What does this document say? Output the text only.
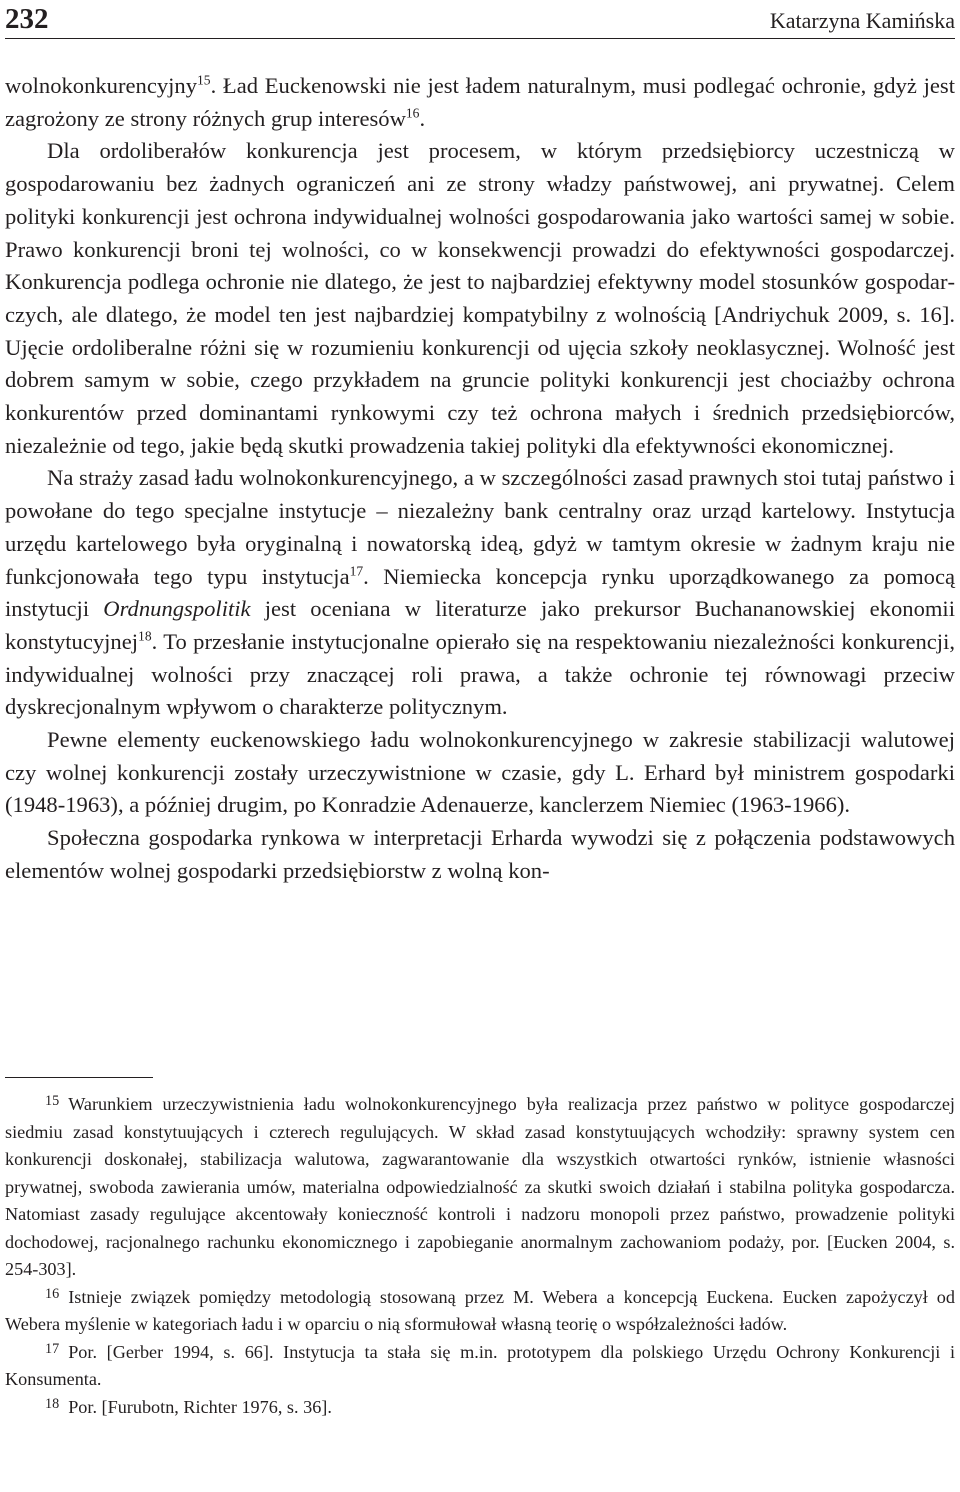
232	Katarzyna Kamińska

wolnokonkurencyjny$^{15}$. Ład Euckenowski nie jest ładem naturalnym, musi podlegać ochronie, gdyż jest zagrożony ze strony różnych grup interesów$^{16}$.

Dla ordoliberałów konkurencja jest procesem, w którym przedsiębiorcy uczestniczą w gospodarowaniu bez żadnych ograniczeń ani ze strony władzy państwowej, ani prywatnej. Celem polityki konkurencji jest ochrona indywidualnej wolności gospodarowania jako wartości samej w sobie. Prawo konkurencji broni tej wolności, co w konsekwencji prowadzi do efektywności gospodarczej. Konkurencja podlega ochronie nie dlatego, że jest to najbardziej efektywny model stosunków gospodarczych, ale dlatego, że model ten jest najbardziej kompatybilny z wolnością [Andriychuk 2009, s. 16]. Ujęcie ordoliberalne różni się w rozumieniu konkurencji od ujęcia szkoły neoklasycznej. Wolność jest dobrem samym w sobie, czego przykładem na gruncie polityki konkurencji jest chociażby ochrona konkurentów przed dominantami rynkowymi czy też ochrona małych i średnich przedsiębiorców, niezależnie od tego, jakie będą skutki prowadzenia takiej polityki dla efektywności ekonomicznej.

Na straży zasad ładu wolnokonkurencyjnego, a w szczególności zasad prawnych stoi tutaj państwo i powołane do tego specjalne instytucje – niezależny bank centralny oraz urząd kartelowy. Instytucja urzędu kartelowego była oryginalną i nowatorską ideą, gdyż w tamtym okresie w żadnym kraju nie funkcjonowała tego typu instytucja$^{17}$. Niemiecka koncepcja rynku uporządkowanego za pomocą instytucji Ordnungspolitik jest oceniana w literaturze jako prekursor Buchananowskiej ekonomii konstytucyjnej$^{18}$. To przesłanie instytucjonalne opierało się na respektowaniu niezależności konkurencji, indywidualnej wolności przy znaczącej roli prawa, a także ochronie tej równowagi przeciw dyskrecjonalnym wpływom o charakterze politycznym.

Pewne elementy euckenowskiego ładu wolnokonkurencyjnego w zakresie stabilizacji walutowej czy wolnej konkurencji zostały urzeczywistnione w czasie, gdy L. Erhard był ministrem gospodarki (1948-1963), a później drugim, po Konradzie Adenauerze, kanclerzem Niemiec (1963-1966).

Społeczna gospodarka rynkowa w interpretacji Erharda wywodzi się z połączenia podstawowych elementów wolnej gospodarki przedsiębiorstw z wolną kon-

$^{15}$ Warunkiem urzeczywistnienia ładu wolnokonkurencyjnego była realizacja przez państwo w polityce gospodarczej siedmiu zasad konstytuujących i czterech regulujących. W skład zasad konstytuujących wchodziły: sprawny system cen konkurencji doskonałej, stabilizacja walutowa, zagwarantowanie dla wszystkich otwartości rynków, istnienie własności prywatnej, swoboda zawierania umów, materialna odpowiedzialność za skutki swoich działań i stabilna polityka gospodarcza. Natomiast zasady regulujące akcentowały konieczność kontroli i nadzoru monopoli przez państwo, prowadzenie polityki dochodowej, racjonalnego rachunku ekonomicznego i zapobieganie anormalnym zachowaniom podaży, por. [Eucken 2004, s. 254-303].

$^{16}$ Istnieje związek pomiędzy metodologią stosowaną przez M. Webera a koncepcją Euckena. Eucken zapożyczył od Webera myślenie w kategoriach ładu i w oparciu o nią sformułował własną teorię o współzależności ładów.

$^{17}$ Por. [Gerber 1994, s. 66]. Instytucja ta stała się m.in. prototypem dla polskiego Urzędu Ochrony Konkurencji i Konsumenta.

$^{18}$ Por. [Furubotn, Richter 1976, s. 36].
